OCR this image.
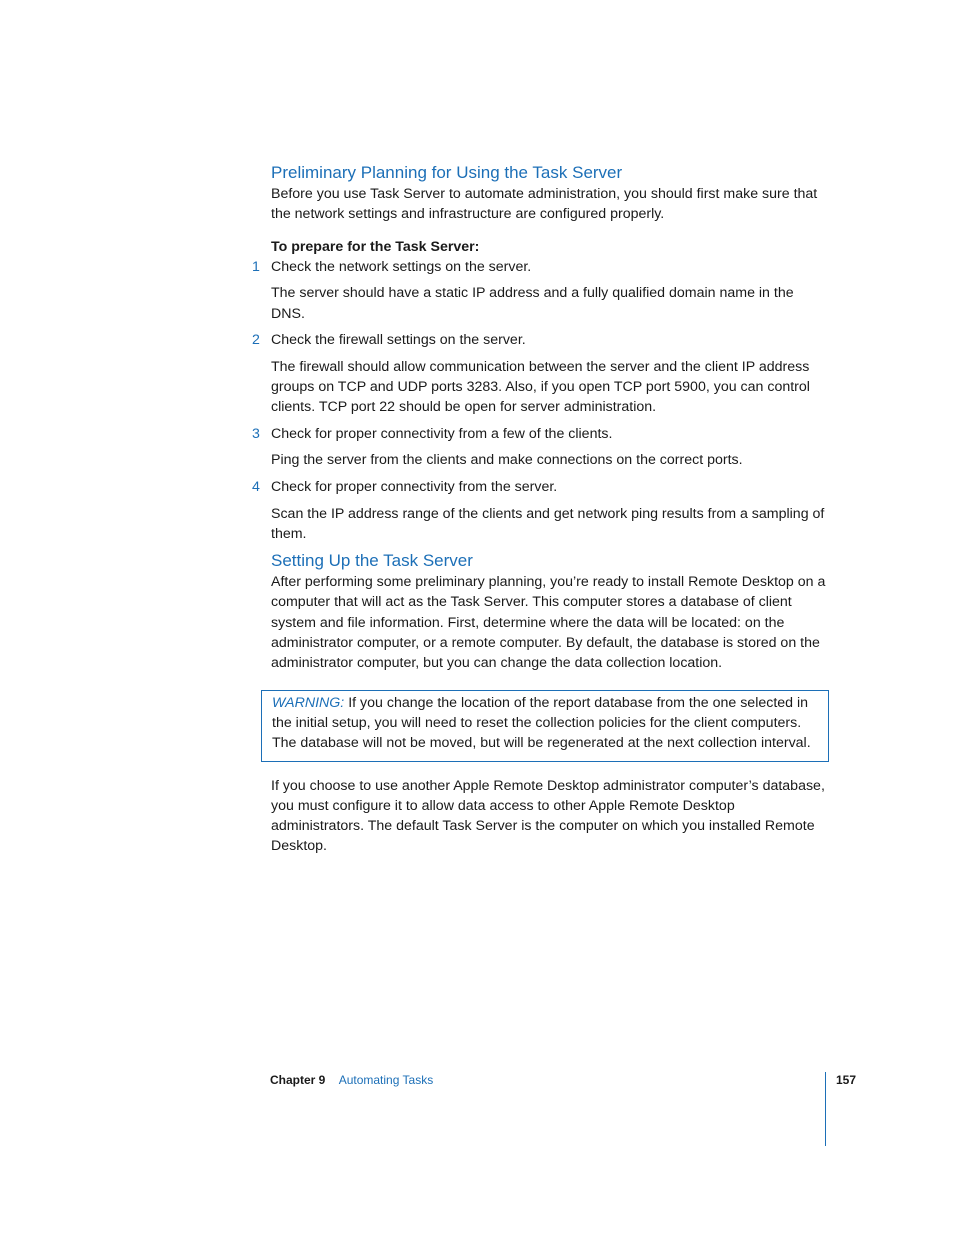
Preliminary Planning for Using the Task Server

Before you use Task Server to automate administration, you should first make sure that the network settings and infrastructure are configured properly.

To prepare for the Task Server:

1 Check the network settings on the server.

The server should have a static IP address and a fully qualified domain name in the DNS.

2 Check the firewall settings on the server.

The firewall should allow communication between the server and the client IP address groups on TCP and UDP ports 3283. Also, if you open TCP port 5900, you can control clients. TCP port 22 should be open for server administration.

3 Check for proper connectivity from a few of the clients.

Ping the server from the clients and make connections on the correct ports.

4 Check for proper connectivity from the server.

Scan the IP address range of the clients and get network ping results from a sampling of them.

Setting Up the Task Server

After performing some preliminary planning, you’re ready to install Remote Desktop on a computer that will act as the Task Server. This computer stores a database of client system and file information. First, determine where the data will be located: on the administrator computer, or a remote computer. By default, the database is stored on the administrator computer, but you can change the data collection location.

WARNING: If you change the location of the report database from the one selected in the initial setup, you will need to reset the collection policies for the client computers. The database will not be moved, but will be regenerated at the next collection interval.

If you choose to use another Apple Remote Desktop administrator computer’s database, you must configure it to allow data access to other Apple Remote Desktop administrators. The default Task Server is the computer on which you installed Remote Desktop.

Chapter 9 Automating Tasks	157
